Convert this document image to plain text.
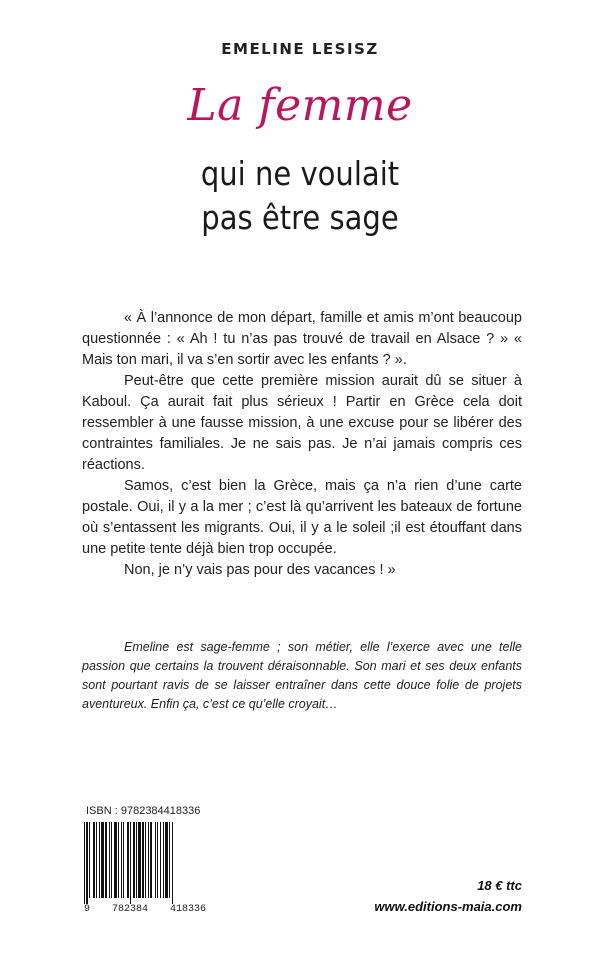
EMELINE LESISZ
La femme
qui ne voulait
pas être sage

« À l’annonce de mon départ, famille et amis m’ont beaucoup questionnée : « Ah ! tu n’as pas trouvé de travail en Alsace ? » « Mais ton mari, il va s’en sortir avec les enfants ? ».

Peut-être que cette première mission aurait dû se situer à Kaboul. Ça aurait fait plus sérieux ! Partir en Grèce cela doit ressembler à une fausse mission, à une excuse pour se libérer des contraintes familiales. Je ne sais pas. Je n’ai jamais compris ces réactions.

Samos, c’est bien la Grèce, mais ça n’a rien d’une carte postale. Oui, il y a la mer ; c’est là qu’arrivent les bateaux de fortune où s’entassent les migrants. Oui, il y a le soleil ;il est étouffant dans une petite tente déjà bien trop occupée.

Non, je n’y vais pas pour des vacances ! »

Emeline est sage-femme ; son métier, elle l’exerce avec une telle passion que certains la trouvent déraisonnable. Son mari et ses deux enfants sont pourtant ravis de se laisser entraîner dans cette douce folie de projets aventureux. Enfin ça, c’est ce qu’elle croyait…

ISBN : 9782384418336
9 782384 418336
18 € ttc
www.editions-maia.com
